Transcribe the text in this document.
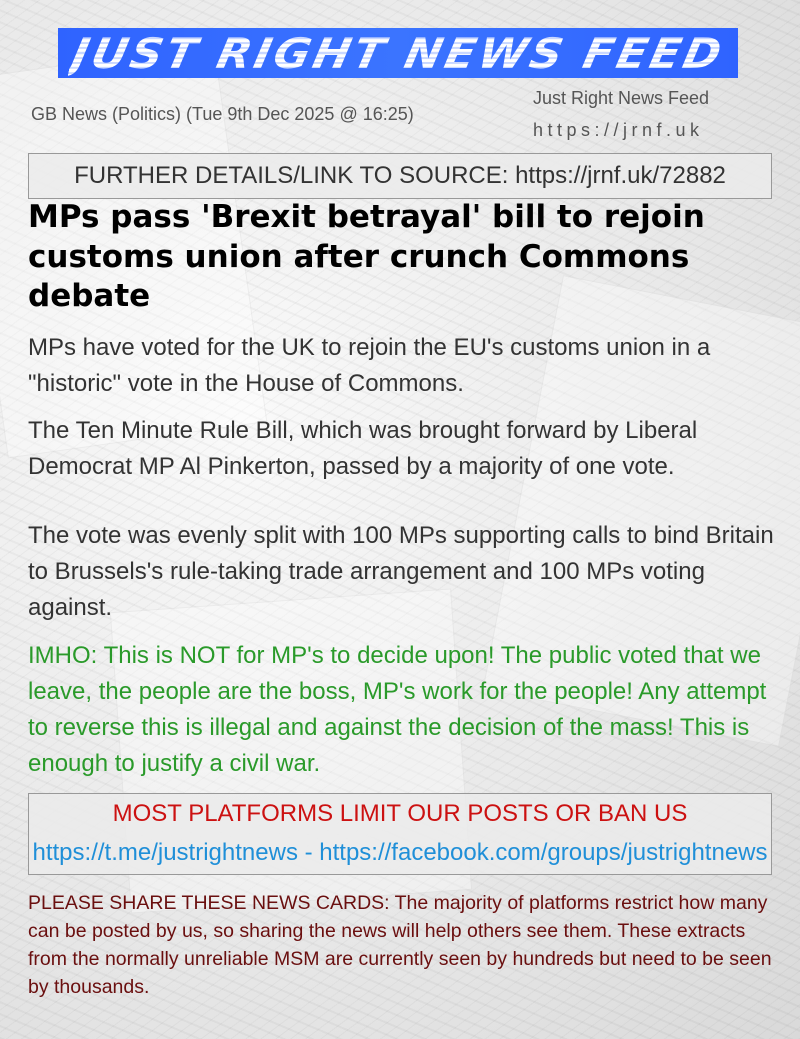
JUST RIGHT NEWS FEED
GB News (Politics) (Tue 9th Dec 2025 @ 16:25)
Just Right News Feed
https://jrnf.uk
FURTHER DETAILS/LINK TO SOURCE: https://jrnf.uk/72882
MPs pass 'Brexit betrayal' bill to rejoin customs union after crunch Commons debate

MPs have voted for the UK to rejoin the EU's customs union in a "historic" vote in the House of Commons.

The Ten Minute Rule Bill, which was brought forward by Liberal Democrat MP Al Pinkerton, passed by a majority of one vote.

The vote was evenly split with 100 MPs supporting calls to bind Britain to Brussels's rule-taking trade arrangement and 100 MPs voting against.

IMHO: This is NOT for MP's to decide upon! The public voted that we leave, the people are the boss, MP's work for the people! Any attempt to reverse this is illegal and against the decision of the mass! This is enough to justify a civil war.

MOST PLATFORMS LIMIT OUR POSTS OR BAN US
https://t.me/justrightnews - https://facebook.com/groups/justrightnews

PLEASE SHARE THESE NEWS CARDS: The majority of platforms restrict how many can be posted by us, so sharing the news will help others see them. These extracts from the normally unreliable MSM are currently seen by hundreds but need to be seen by thousands.
